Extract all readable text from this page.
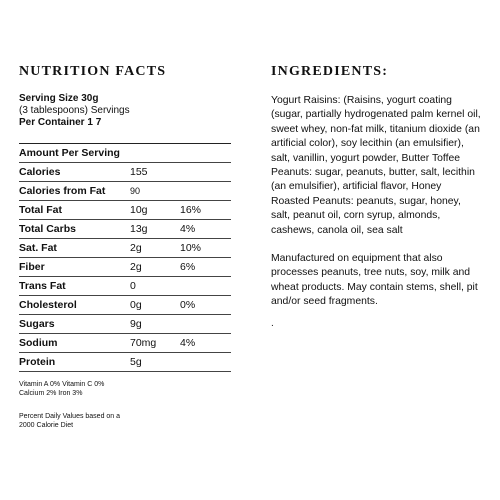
NUTRITION FACTS
Serving Size 30g
(3 tablespoons) Servings
Per Container 1 7
Amount Per Serving
Calories	155
Calories from Fat	90
Total Fat	10g	16%
Total Carbs	13g	4%
Sat. Fat	2g	10%
Fiber	2g	6%
Trans Fat	0
Cholesterol	0g	0%
Sugars	9g
Sodium	70mg	4%
Protein	5g
Vitamin A 0% Vitamin C 0%
Calcium 2% Iron 3%
Percent Daily Values based on a
2000 Calorie Diet
INGREDIENTS:

Yogurt Raisins: (Raisins, yogurt coating (sugar, partially hydrogenated palm kernel oil, sweet whey, non-fat milk, titanium dioxide (an artificial color), soy lecithin (an emulsifier), salt, vanillin, yogurt powder, Butter Toffee Peanuts: sugar, peanuts, butter, salt, lecithin (an emulsifier), artificial flavor, Honey Roasted Peanuts: peanuts, sugar, honey, salt, peanut oil, corn syrup, almonds, cashews, canola oil, sea salt

Manufactured on equipment that also processes peanuts, tree nuts, soy, milk and wheat products. May contain stems, shell, pit and/or seed fragments.

.
